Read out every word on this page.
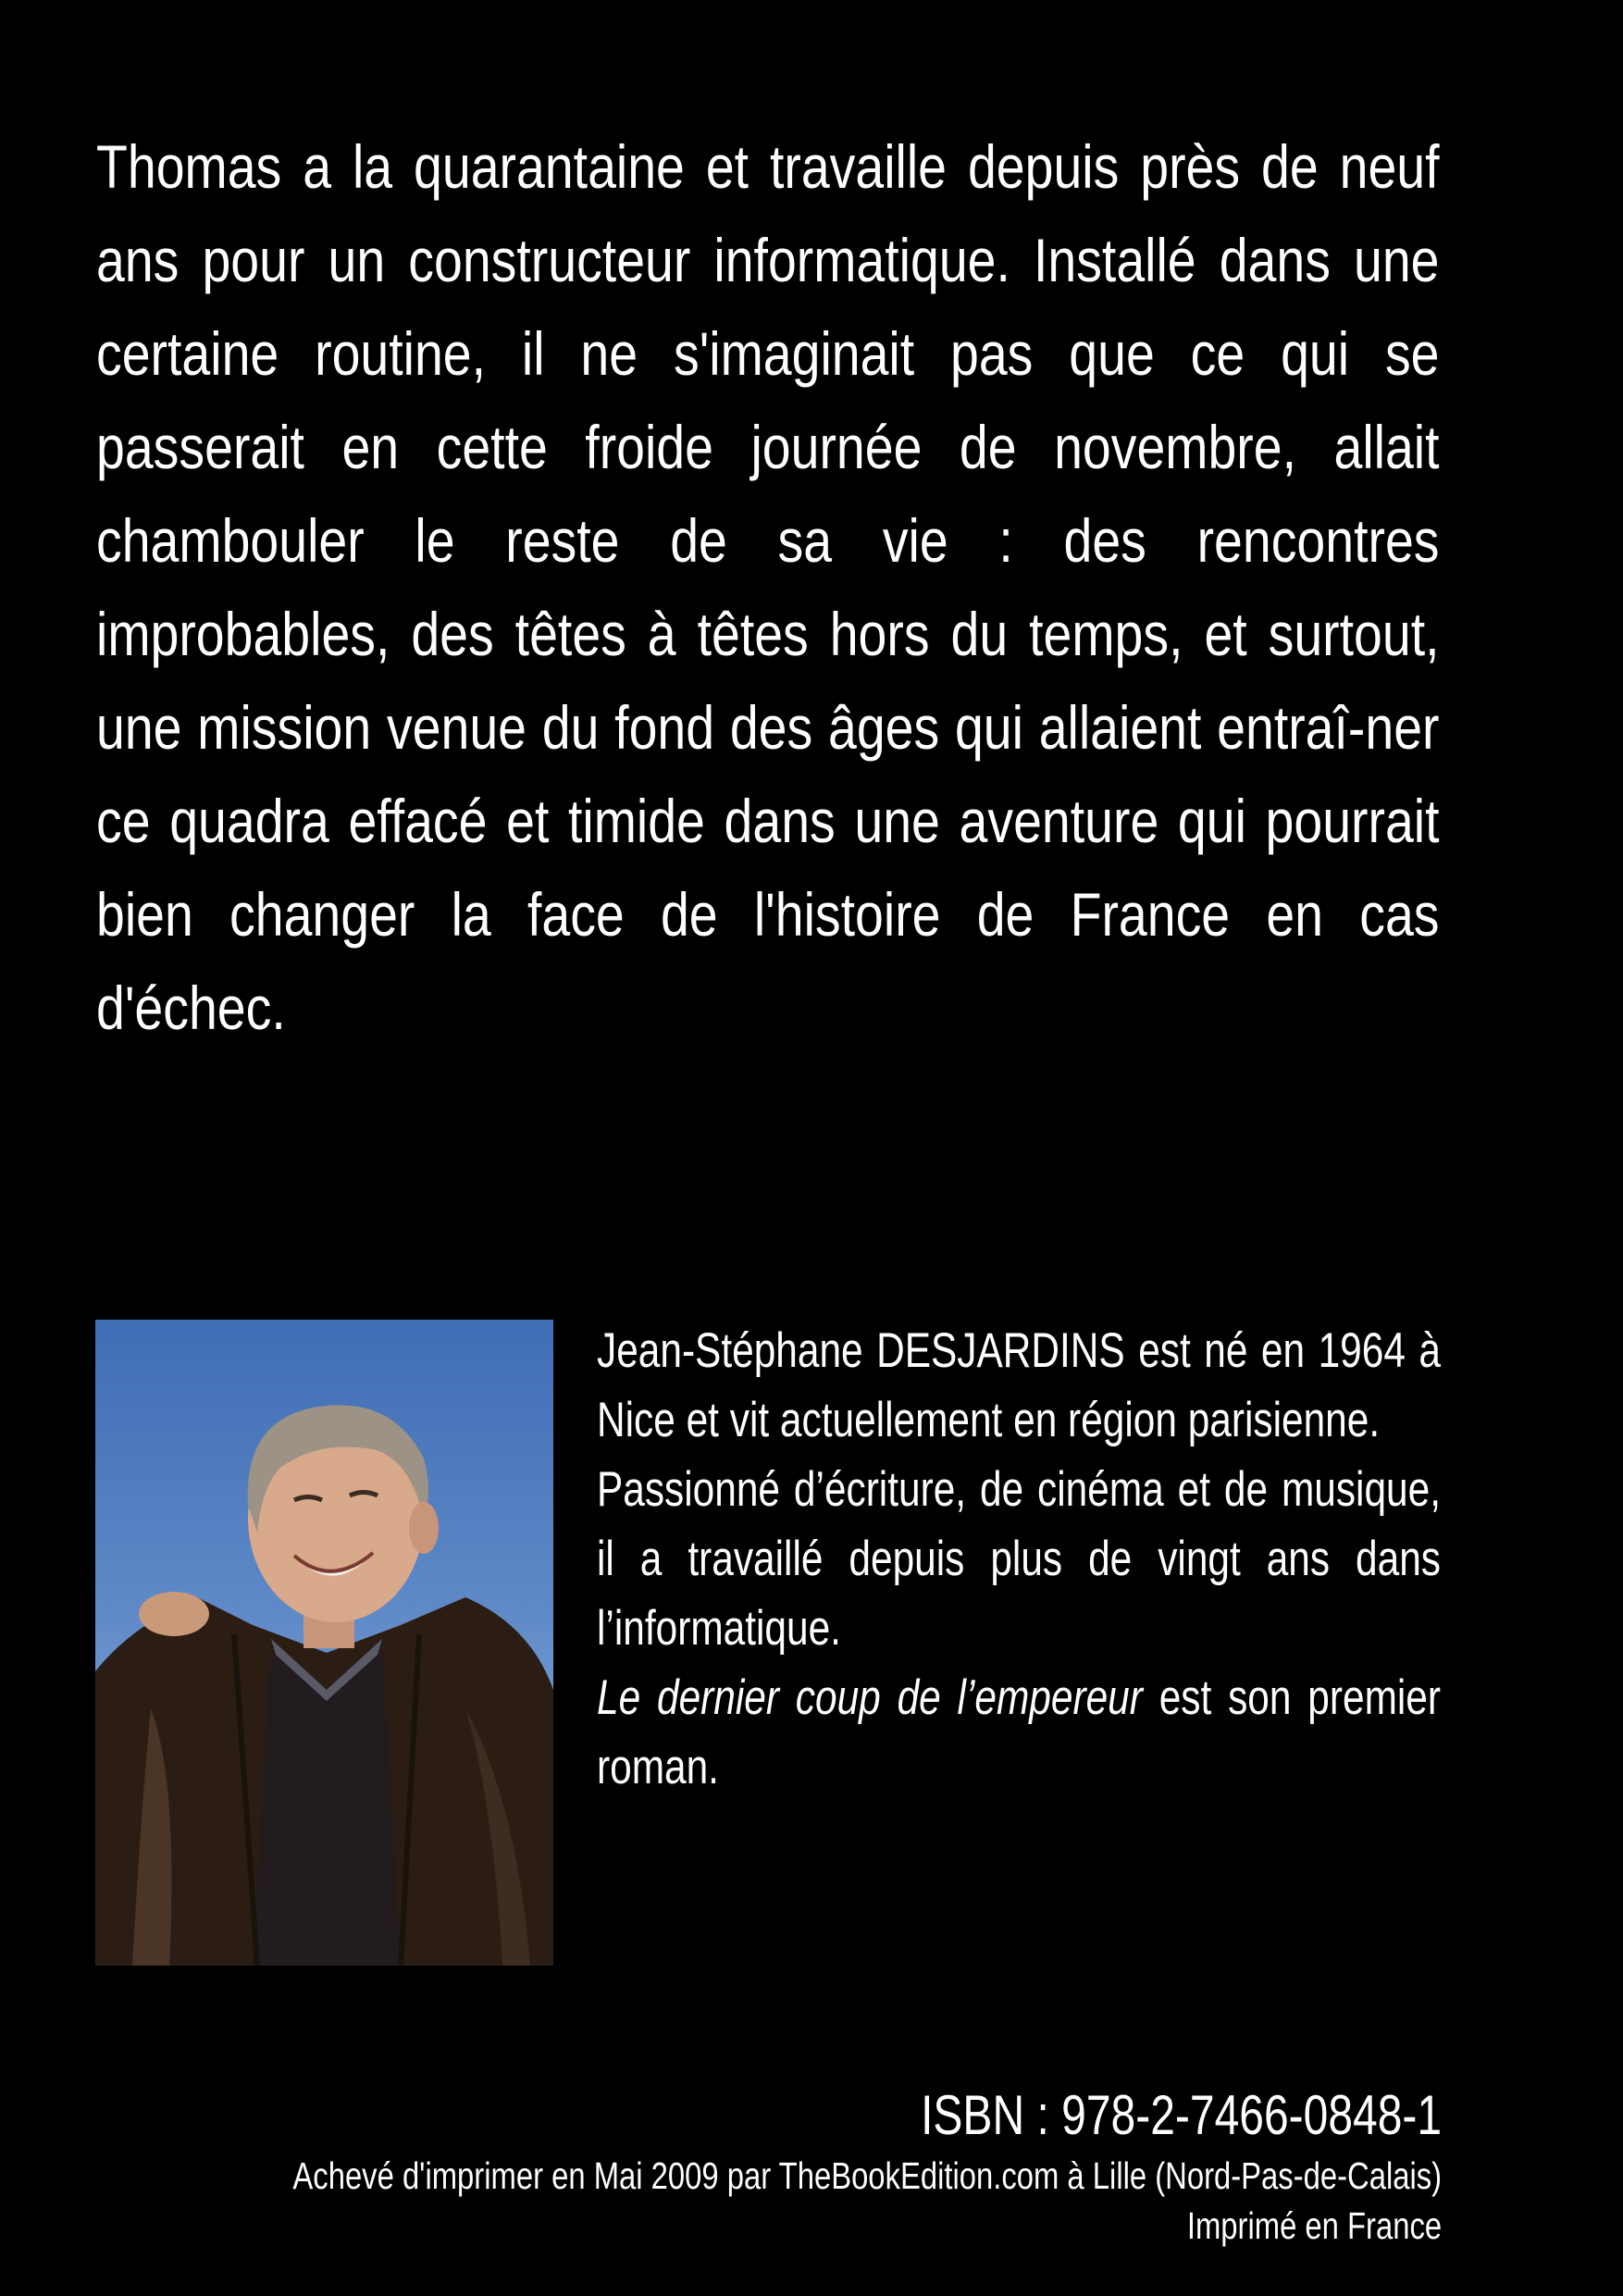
Thomas a la quarantaine et travaille depuis près de neuf ans pour un constructeur informatique. Installé dans une certaine routine, il ne s'imaginait pas que ce qui se passerait en cette froide journée de novembre, allait chambouler le reste de sa vie : des rencontres improbables, des têtes à têtes hors du temps, et surtout, une mission venue du fond des âges qui allaient entraî-ner ce quadra effacé et timide dans une aventure qui pourrait bien changer la face de l'histoire de France en cas d'échec.

Jean-Stéphane DESJARDINS est né en 1964 à Nice et vit actuellement en région parisienne.
Passionné d’écriture, de cinéma et de musique, il a travaillé depuis plus de vingt ans dans l’informatique.
Le dernier coup de l’empereur est son premier roman.
ISBN : 978-2-7466-0848-1
Achevé d'imprimer en Mai 2009 par TheBookEdition.com à Lille (Nord-Pas-de-Calais)
Imprimé en France
